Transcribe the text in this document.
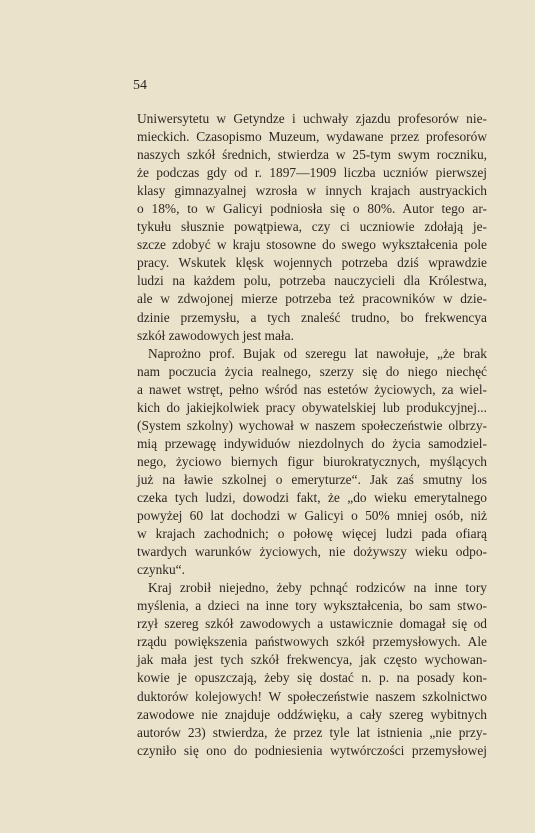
54
Uniwersytetu w Getyndze i uchwały zjazdu profesorów nie-
mieckich. Czasopismo Muzeum, wydawane przez profesorów
naszych szkół średnich, stwierdza w 25-tym swym roczniku,
że podczas gdy od r. 1897—1909 liczba uczniów pierwszej
klasy gimnazyalnej wzrosła w innych krajach austryackich
o 18%, to w Galicyi podniosła się o 80%. Autor tego ar-
tykułu słusznie powątpiewa, czy ci uczniowie zdołają je-
szcze zdobyć w kraju stosowne do swego wykształcenia pole
pracy. Wskutek klęsk wojennych potrzeba dziś wprawdzie
ludzi na każdem polu, potrzeba nauczycieli dla Królestwa,
ale w zdwojonej mierze potrzeba też pracowników w dzie-
dzinie przemysłu, a tych znaleść trudno, bo frekwencya
szkół zawodowych jest mała.
Naprożno prof. Bujak od szeregu lat nawołuje, „że brak
nam poczucia życia realnego, szerzy się do niego niechęć
a nawet wstręt, pełno wśród nas estetów życiowych, za wiel-
kich do jakiejkolwiek pracy obywatelskiej lub produkcyjnej...
(System szkolny) wychował w naszem społeczeństwie olbrzy-
mią przewagę indywiduów niezdolnych do życia samodziel-
nego, życiowo biernych figur biurokratycznych, myślących
już na ławie szkolnej o emeryturze“. Jak zaś smutny los
czeka tych ludzi, dowodzi fakt, że „do wieku emerytalnego
powyżej 60 lat dochodzi w Galicyi o 50% mniej osób, niż
w krajach zachodnich; o połowę więcej ludzi pada ofiarą
twardych warunków życiowych, nie dożywszy wieku odpo-
czynku“.
Kraj zrobił niejedno, żeby pchnąć rodziców na inne tory
myślenia, a dzieci na inne tory wykształcenia, bo sam stwo-
rzył szereg szkół zawodowych a ustawicznie domagał się od
rządu powiększenia państwowych szkół przemysłowych. Ale
jak mała jest tych szkół frekwencya, jak często wychowan-
kowie je opuszczają, żeby się dostać n. p. na posady kon-
duktorów kolejowych! W społeczeństwie naszem szkolnictwo
zawodowe nie znajduje oddźwięku, a cały szereg wybitnych
autorów 23) stwierdza, że przez tyle lat istnienia „nie przy-
czyniło się ono do podniesienia wytwórczości przemysłowej
